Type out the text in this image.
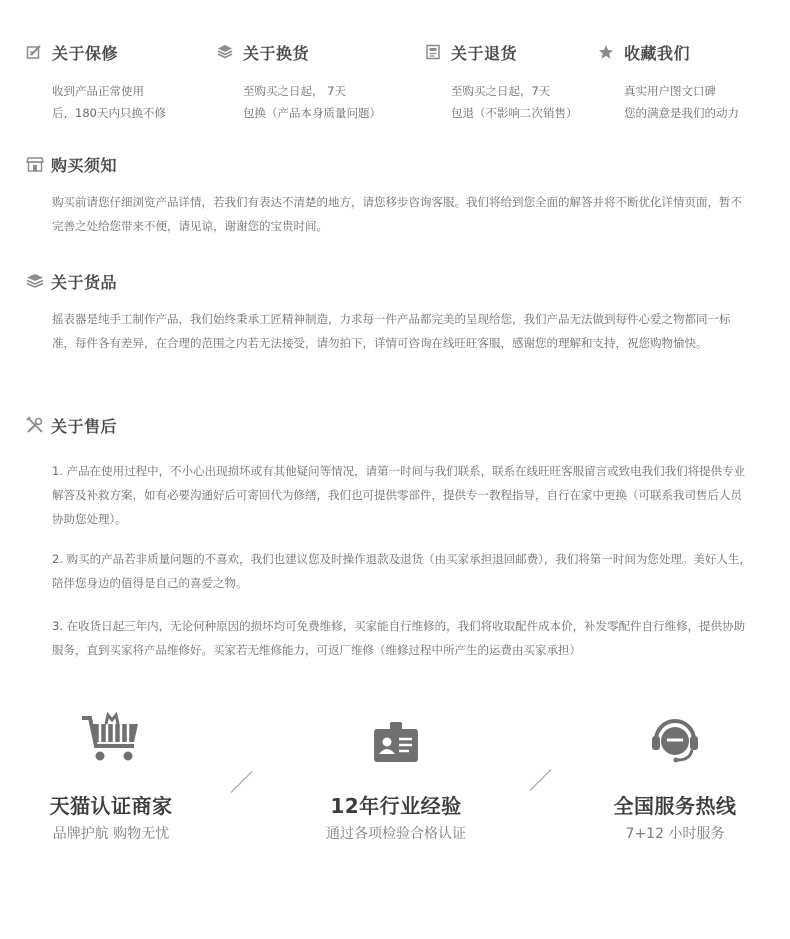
关于保修
收到产品正常使用
后，180天内只换不修
关于换货
至购买之日起， 7天
包换（产品本身质量问题）
关于退货
至购买之日起，7天
包退（不影响二次销售）
收藏我们
真实用户图文口碑
您的满意是我们的动力
购买须知

购买前请您仔细浏览产品详情，若我们有表达不清楚的地方，请您移步咨询客服。我们将给到您全面的解答并将不断优化详情页面，暂不完善之处给您带来不便，请见谅，谢谢您的宝贵时间。

关于货品

摇表器是纯手工制作产品，我们始终秉承工匠精神制造，力求每一件产品都完美的呈现给您，我们产品无法做到每件心爱之物都同一标准，每件各有差异，在合理的范围之内若无法接受，请勿拍下，详情可咨询在线旺旺客服，感谢您的理解和支持，祝您购物愉快。

关于售后

1. 产品在使用过程中，不小心出现损坏或有其他疑问等情况，请第一时间与我们联系，联系在线旺旺客服留言或致电我们我们将提供专业解答及补救方案，如有必要沟通好后可寄回代为修缮，我们也可提供零部件，提供专一教程指导，自行在家中更换（可联系我司售后人员协助您处理）。

2. 购买的产品若非质量问题的不喜欢，我们也建议您及时操作退款及退货（由买家承担退回邮费），我们将第一时间为您处理。美好人生，陪伴您身边的值得是自己的喜爱之物。

3. 在收货日起三年内，无论何种原因的损坏均可免费维修，买家能自行维修的，我们将收取配件成本价，补发零配件自行维修，提供协助服务，直到买家将产品维修好。买家若无维修能力，可返厂维修（维修过程中所产生的运费由买家承担）

天猫认证商家
品牌护航 购物无忧
12年行业经验
通过各项检验合格认证
全国服务热线
7+12 小时服务
